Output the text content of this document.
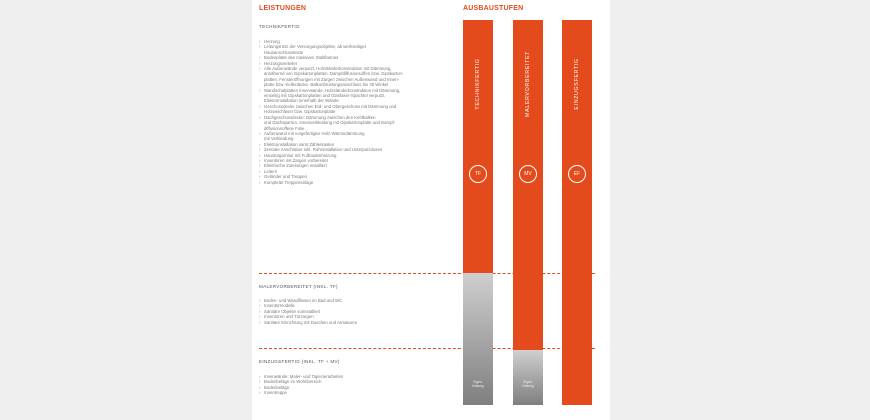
LEISTUNGEN	AUSBAUSTUFEN
TECHNIKFERTIG
› Heizung
› Leitungsnetz der Versorgungsobjekte, ab werkseitiger
Hausanschlussleiste
› Bodenplatte des massiven Stahlbetons
› Heizungsverteiler
› Alle Außenwände verputzt, Holzständerkonstruktion mit Dämmung,
annähernd von Gipskartonplatten. Dampfdiffusionsoffen bzw. Gipskarton-
platten, Fensteröffnungen mit Zargen zwischen Außenwand und Innen-
platte bzw. Kellerdecke. Balkonbrüstungsanschluss bis 45 Winkel
› Wandschalplatten Innenwände, Holzständerkonstruktion mit Dämmung,
einseitig mit Gipskartonplatten und Glasfaser-Spachtel verputzt.
Elektroinstallation innerhalb der Wände
› Geschossdecke zwischen Erd- und Obergeschoss mit Dämmung und
Holzweichfaser bzw. Gipskartonplatte
› Dachgeschossdecke: Dämmung zwischen den Kehlbalken
und Dachsparren, Innenverkleidung mit Gipskartonplatte und Dampf-
diffusionsoffene Folie
› Außenwand mit vorgefertigter Holz-Wärmedämmung
mit Verkleidung
› Elektroinstallation samt Zählerkasten
› Zentrale Anschlüsse inkl. Rohrinstallation und Unterputzdosen
› Haustürgarnitur mit Fußbodenheizung
› Innentüren mit Zargen vorbereitet
› Elektrische Zuleitungen installiert
› Leitern
› Geländer und Treppen
› Komplette Treppenanlage
MALERVORBEREITET (INKL. TF)
› Boden- und Wandfliesen im Bad und WC
› Innentürmodelle
› Sanitäre Objekte vorinstalliert
› Innentüren und Türzargen
› Sanitäre Einrichtung mit Duschen und Armaturen
EINZUGSFERTIG (INKL. TF + MV)
› Innenwände: Maler- und Tapezierarbeiten
› Bodenbeläge im Wohnbereich
› Bodenbeläge
› Innentreppe
TECHNIKFERTIG
TF
Eigen-
leistung
MALERVORBEREITET
MV
Eigen-
leistung
EINZUGSFERTIG
EF
